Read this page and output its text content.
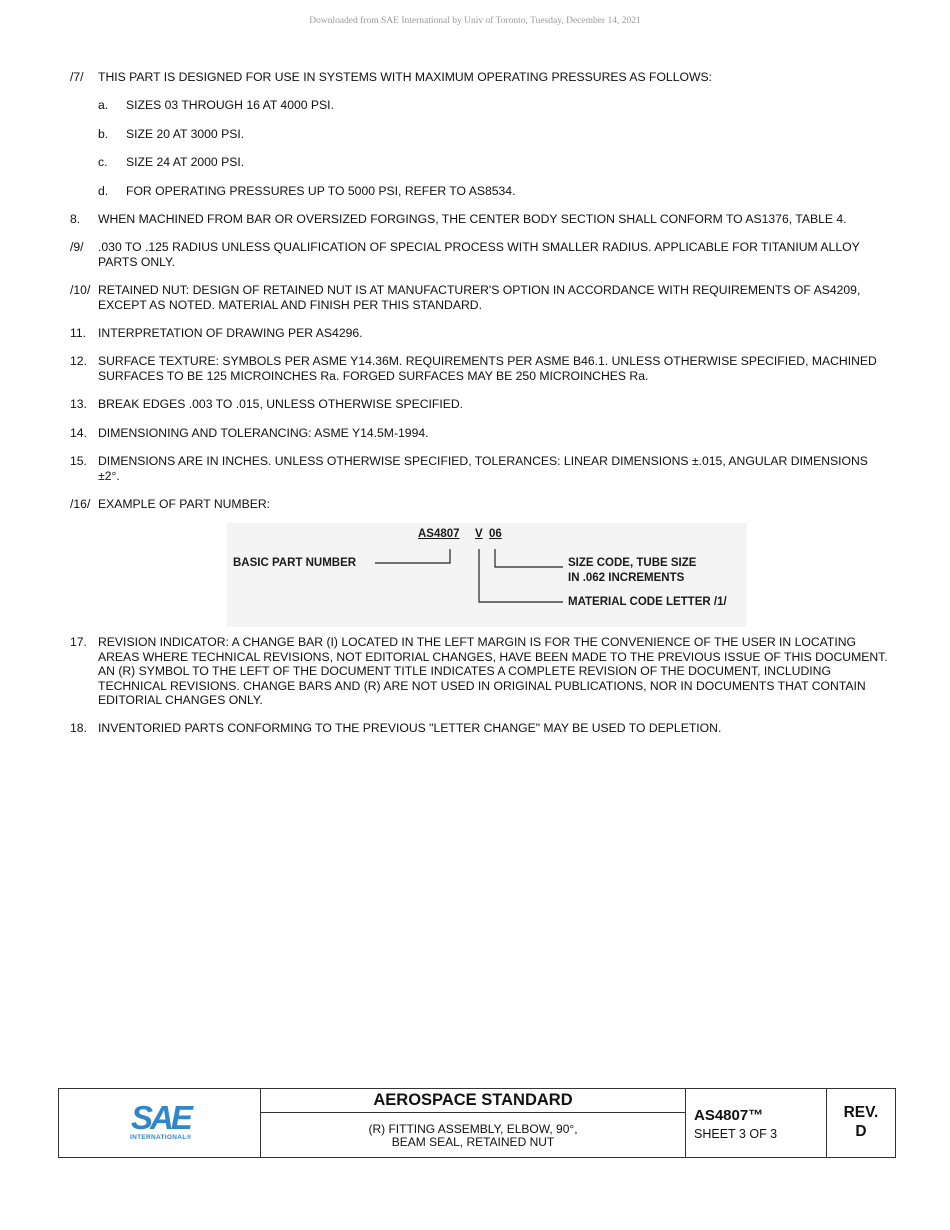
Downloaded from SAE International by Univ of Toronto, Tuesday, December 14, 2021
/7/	THIS PART IS DESIGNED FOR USE IN SYSTEMS WITH MAXIMUM OPERATING PRESSURES AS FOLLOWS:
a.	SIZES 03 THROUGH 16 AT 4000 PSI.
b.	SIZE 20 AT 3000 PSI.
c.	SIZE 24 AT 2000 PSI.
d.	FOR OPERATING PRESSURES UP TO 5000 PSI, REFER TO AS8534.
8.	WHEN MACHINED FROM BAR OR OVERSIZED FORGINGS, THE CENTER BODY SECTION SHALL CONFORM TO AS1376, TABLE 4.
/9/	.030 TO .125 RADIUS UNLESS QUALIFICATION OF SPECIAL PROCESS WITH SMALLER RADIUS. APPLICABLE FOR TITANIUM ALLOY PARTS ONLY.
/10/ RETAINED NUT: DESIGN OF RETAINED NUT IS AT MANUFACTURER'S OPTION IN ACCORDANCE WITH REQUIREMENTS OF AS4209, EXCEPT AS NOTED. MATERIAL AND FINISH PER THIS STANDARD.
11. INTERPRETATION OF DRAWING PER AS4296.
12. SURFACE TEXTURE: SYMBOLS PER ASME Y14.36M. REQUIREMENTS PER ASME B46.1. UNLESS OTHERWISE SPECIFIED, MACHINED SURFACES TO BE 125 MICROINCHES Ra. FORGED SURFACES MAY BE 250 MICROINCHES Ra.
13. BREAK EDGES .003 TO .015, UNLESS OTHERWISE SPECIFIED.
14. DIMENSIONING AND TOLERANCING: ASME Y14.5M-1994.
15. DIMENSIONS ARE IN INCHES. UNLESS OTHERWISE SPECIFIED, TOLERANCES: LINEAR DIMENSIONS ±.015, ANGULAR DIMENSIONS ±2°.
/16/ EXAMPLE OF PART NUMBER:
AS4807 V 06
BASIC PART NUMBER	SIZE CODE, TUBE SIZE
IN .062 INCREMENTS
MATERIAL CODE LETTER /1/
17. REVISION INDICATOR: A CHANGE BAR (I) LOCATED IN THE LEFT MARGIN IS FOR THE CONVENIENCE OF THE USER IN LOCATING AREAS WHERE TECHNICAL REVISIONS, NOT EDITORIAL CHANGES, HAVE BEEN MADE TO THE PREVIOUS ISSUE OF THIS DOCUMENT. AN (R) SYMBOL TO THE LEFT OF THE DOCUMENT TITLE INDICATES A COMPLETE REVISION OF THE DOCUMENT, INCLUDING TECHNICAL REVISIONS. CHANGE BARS AND (R) ARE NOT USED IN ORIGINAL PUBLICATIONS, NOR IN DOCUMENTS THAT CONTAIN EDITORIAL CHANGES ONLY.
18. INVENTORIED PARTS CONFORMING TO THE PREVIOUS "LETTER CHANGE" MAY BE USED TO DEPLETION.
SAE
INTERNATIONAL®
AEROSPACE STANDARD
(R) FITTING ASSEMBLY, ELBOW, 90°,
BEAM SEAL, RETAINED NUT
AS4807™
SHEET 3 OF 3
REV.
D
